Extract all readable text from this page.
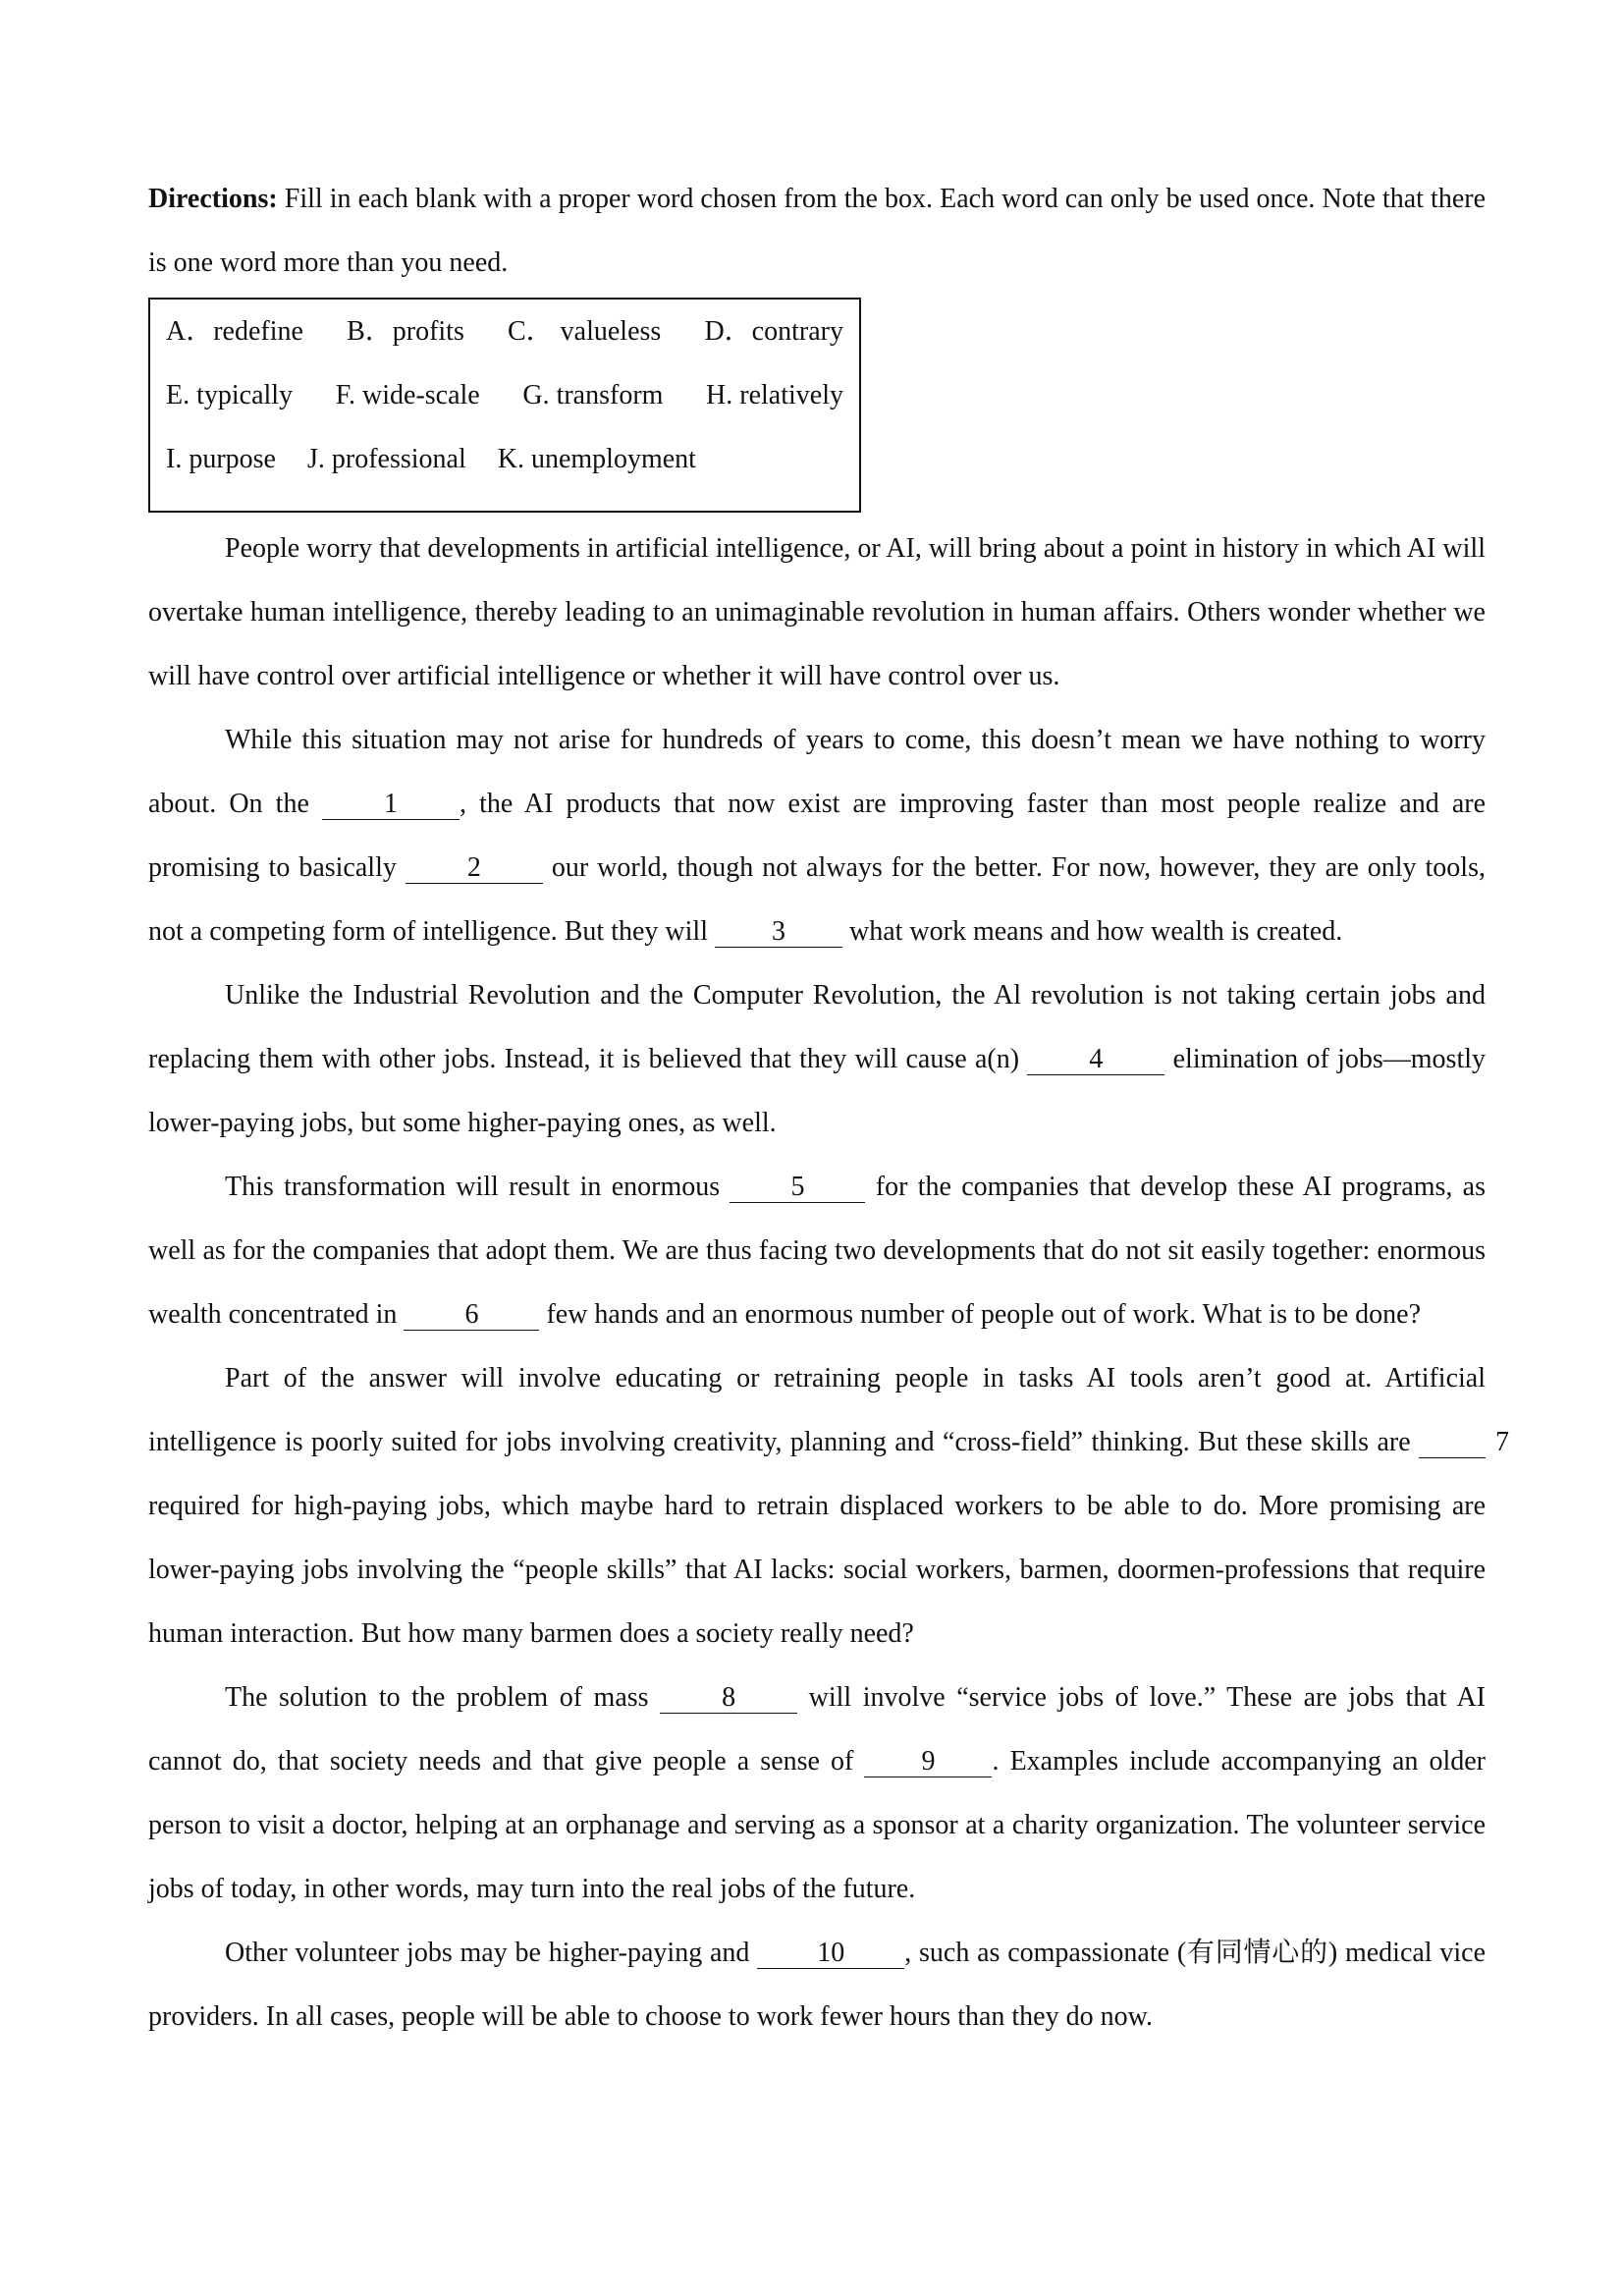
Directions: Fill in each blank with a proper word chosen from the box. Each word can only be used once. Note that there is one word more than you need.

A．redefine B．profits C． valueless D．contrary
E. typically F. wide-scale G. transform H. relatively
I. purpose J. professional K. unemployment

People worry that developments in artificial intelligence, or AI, will bring about a point in history in which AI will overtake human intelligence, thereby leading to an unimaginable revolution in human affairs. Others wonder whether we will have control over artificial intelligence or whether it will have control over us.

While this situation may not arise for hundreds of years to come, this doesn’t mean we have nothing to worry about. On the 1 , the AI products that now exist are improving faster than most people realize and are promising to basically 2 our world, though not always for the better. For now, however, they are only tools, not a competing form of intelligence. But they will 3 what work means and how wealth is created.

Unlike the Industrial Revolution and the Computer Revolution, the Al revolution is not taking certain jobs and replacing them with other jobs. Instead, it is believed that they will cause a(n) 4 elimination of jobs—mostly lower-paying jobs, but some higher-paying ones, as well.

This transformation will result in enormous 5 for the companies that develop these AI programs, as well as for the companies that adopt them. We are thus facing two developments that do not sit easily together: enormous wealth concentrated in 6 few hands and an enormous number of people out of work. What is to be done?

Part of the answer will involve educating or retraining people in tasks AI tools aren’t good at. Artificial intelligence is poorly suited for jobs involving creativity, planning and “cross-field” thinking. But these skills are	7 required for high-paying jobs, which maybe hard to retrain displaced workers to be able to do. More promising are lower-paying jobs involving the “people skills” that AI lacks: social workers, barmen, doormen-professions that require human interaction. But how many barmen does a society really need?

The solution to the problem of mass 8 will involve “service jobs of love.” These are jobs that AI cannot do, that society needs and that give people a sense of 9 . Examples include accompanying an older person to visit a doctor, helping at an orphanage and serving as a sponsor at a charity organization. The volunteer service jobs of today, in other words, may turn into the real jobs of the future.

Other volunteer jobs may be higher-paying and 10 , such as compassionate (有同情心的) medical vice providers. In all cases, people will be able to choose to work fewer hours than they do now.
